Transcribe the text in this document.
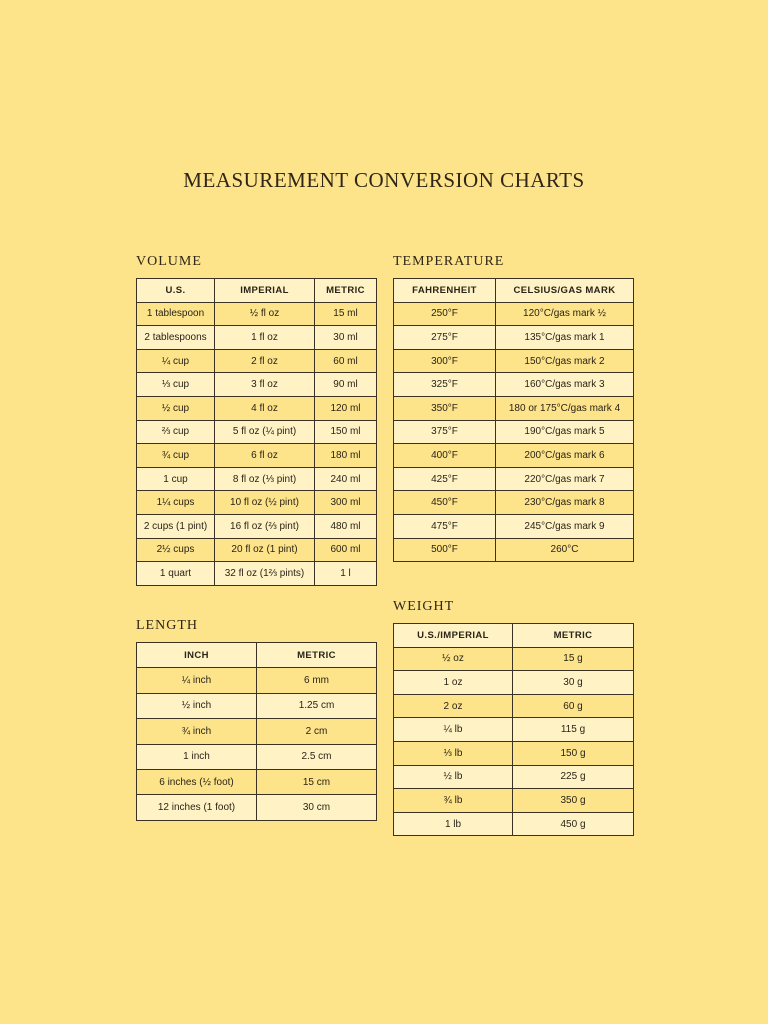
MEASUREMENT CONVERSION CHARTS
VOLUME
U.S.	IMPERIAL	METRIC
1 tablespoon	½ fl oz	15 ml
2 tablespoons	1 fl oz	30 ml
¼ cup	2 fl oz	60 ml
⅓ cup	3 fl oz	90 ml
½ cup	4 fl oz	120 ml
⅔ cup	5 fl oz (¼ pint)	150 ml
¾ cup	6 fl oz	180 ml
1 cup	8 fl oz (⅓ pint)	240 ml
1¼ cups	10 fl oz (½ pint)	300 ml
2 cups (1 pint)	16 fl oz (⅔ pint)	480 ml
2½ cups	20 fl oz (1 pint)	600 ml
1 quart	32 fl oz (1⅔ pints)	1 l
TEMPERATURE
FAHRENHEIT	CELSIUS/GAS MARK
250°F	120°C/gas mark ½
275°F	135°C/gas mark 1
300°F	150°C/gas mark 2
325°F	160°C/gas mark 3
350°F	180 or 175°C/gas mark 4
375°F	190°C/gas mark 5
400°F	200°C/gas mark 6
425°F	220°C/gas mark 7
450°F	230°C/gas mark 8
475°F	245°C/gas mark 9
500°F	260°C
LENGTH
INCH	METRIC
¼ inch	6 mm
½ inch	1.25 cm
¾ inch	2 cm
1 inch	2.5 cm
6 inches (½ foot)	15 cm
12 inches (1 foot)	30 cm
WEIGHT
U.S./IMPERIAL	METRIC
½ oz	15 g
1 oz	30 g
2 oz	60 g
¼ lb	115 g
⅓ lb	150 g
½ lb	225 g
¾ lb	350 g
1 lb	450 g
